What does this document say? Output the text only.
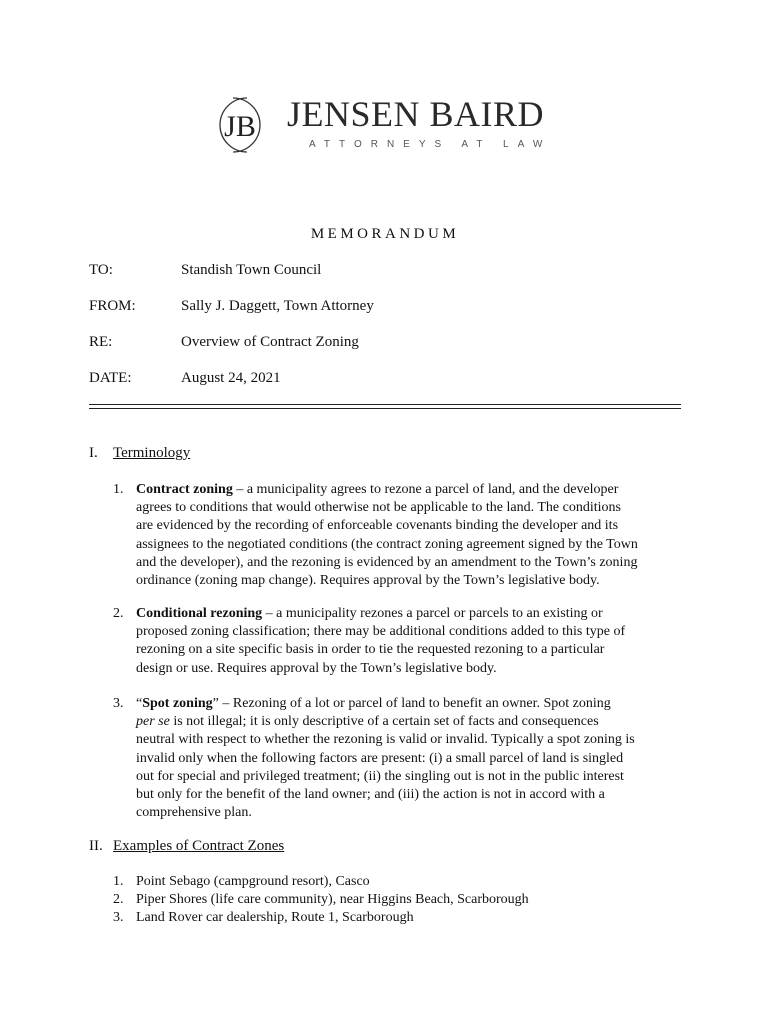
JB JENSEN BAIRD
ATTORNEYS AT LAW
MEMORANDUM
TO:	Standish Town Council
FROM:	Sally J. Daggett, Town Attorney
RE:	Overview of Contract Zoning
DATE:	August 24, 2021
I. Terminology
1. Contract zoning – a municipality agrees to rezone a parcel of land, and the developer
agrees to conditions that would otherwise not be applicable to the land. The conditions
are evidenced by the recording of enforceable covenants binding the developer and its
assignees to the negotiated conditions (the contract zoning agreement signed by the Town
and the developer), and the rezoning is evidenced by an amendment to the Town’s zoning
ordinance (zoning map change). Requires approval by the Town’s legislative body.
2. Conditional rezoning – a municipality rezones a parcel or parcels to an existing or
proposed zoning classification; there may be additional conditions added to this type of
rezoning on a site specific basis in order to tie the requested rezoning to a particular
design or use. Requires approval by the Town’s legislative body.
3. “Spot zoning” – Rezoning of a lot or parcel of land to benefit an owner. Spot zoning
per se is not illegal; it is only descriptive of a certain set of facts and consequences
neutral with respect to whether the rezoning is valid or invalid. Typically a spot zoning is
invalid only when the following factors are present: (i) a small parcel of land is singled
out for special and privileged treatment; (ii) the singling out is not in the public interest
but only for the benefit of the land owner; and (iii) the action is not in accord with a
comprehensive plan.
II. Examples of Contract Zones
1. Point Sebago (campground resort), Casco
2. Piper Shores (life care community), near Higgins Beach, Scarborough
3. Land Rover car dealership, Route 1, Scarborough
